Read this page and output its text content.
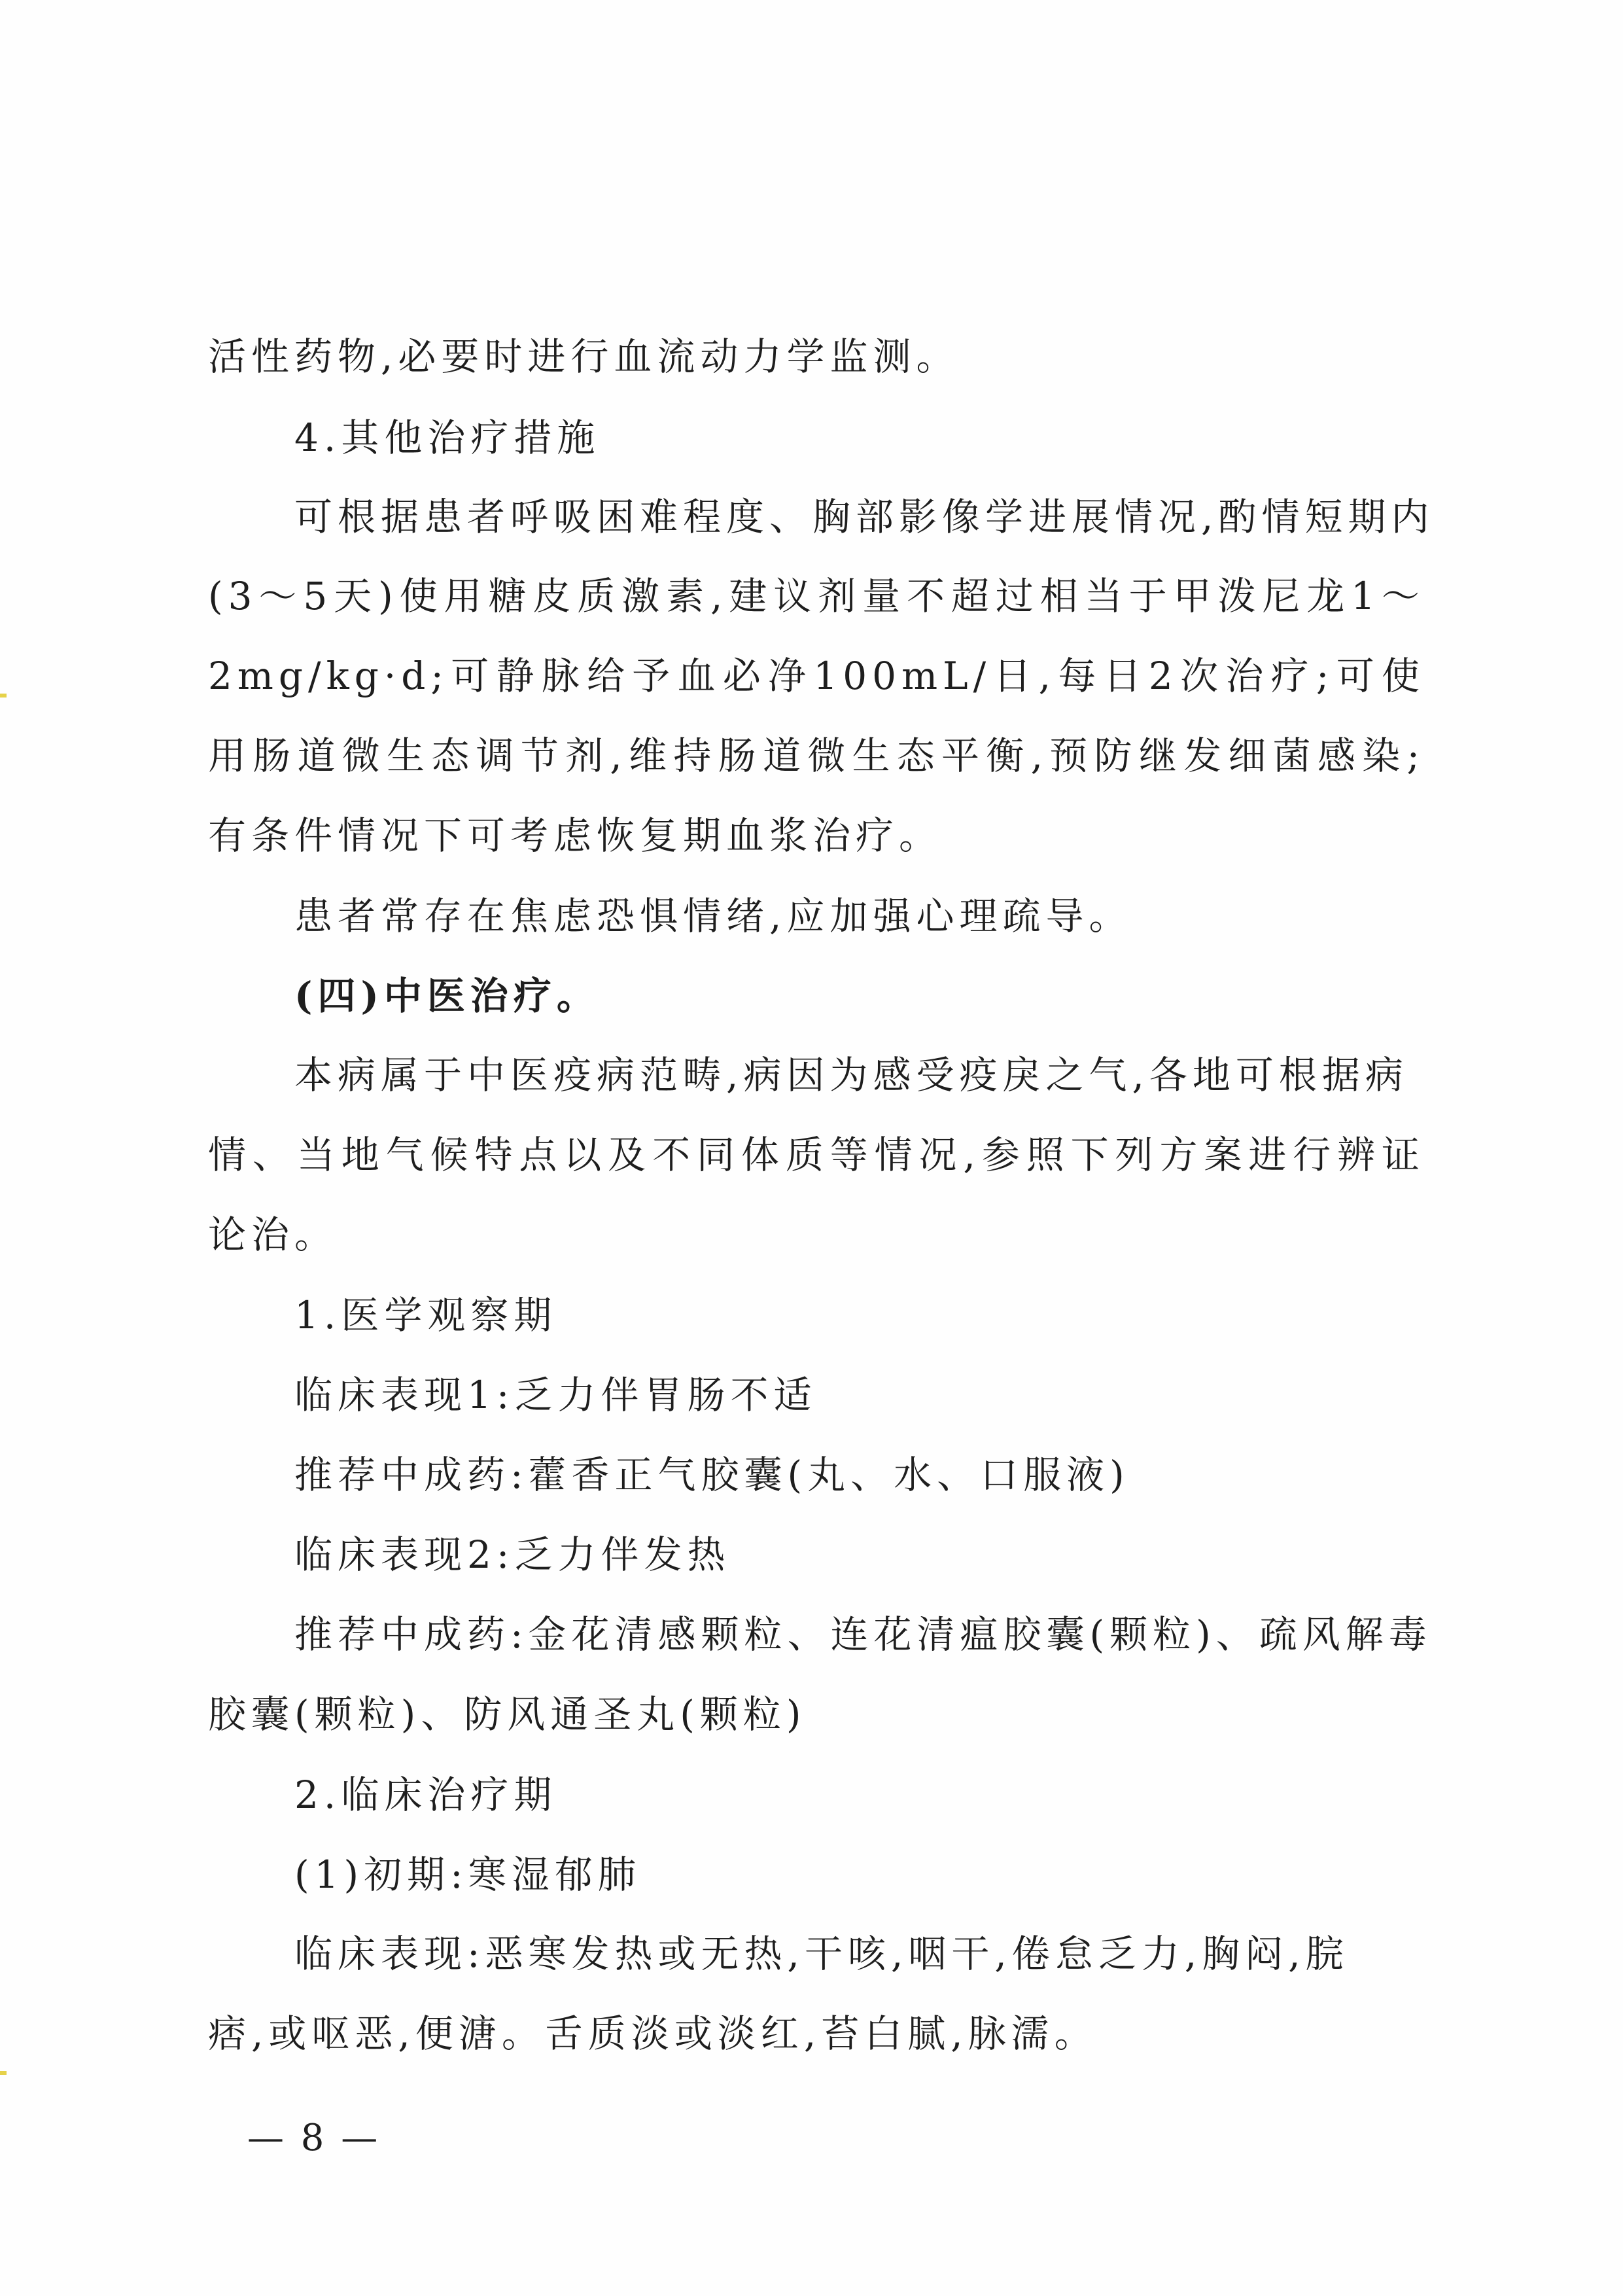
活性药物,必要时进行血流动力学监测。
4.其他治疗措施
可根据患者呼吸困难程度、胸部影像学进展情况,酌情短期内
(3～5天)使用糖皮质激素,建议剂量不超过相当于甲泼尼龙1～
2mg/kg·d;可静脉给予血必净100mL/日,每日2次治疗;可使
用肠道微生态调节剂,维持肠道微生态平衡,预防继发细菌感染;
有条件情况下可考虑恢复期血浆治疗。
患者常存在焦虑恐惧情绪,应加强心理疏导。
(四)中医治疗。
本病属于中医疫病范畴,病因为感受疫戾之气,各地可根据病
情、当地气候特点以及不同体质等情况,参照下列方案进行辨证
论治。
1.医学观察期
临床表现1:乏力伴胃肠不适
推荐中成药:藿香正气胶囊(丸、水、口服液)
临床表现2:乏力伴发热
推荐中成药:金花清感颗粒、连花清瘟胶囊(颗粒)、疏风解毒
胶囊(颗粒)、防风通圣丸(颗粒)
2.临床治疗期
(1)初期:寒湿郁肺
临床表现:恶寒发热或无热,干咳,咽干,倦怠乏力,胸闷,脘
痞,或呕恶,便溏。舌质淡或淡红,苔白腻,脉濡。
— 8 —
